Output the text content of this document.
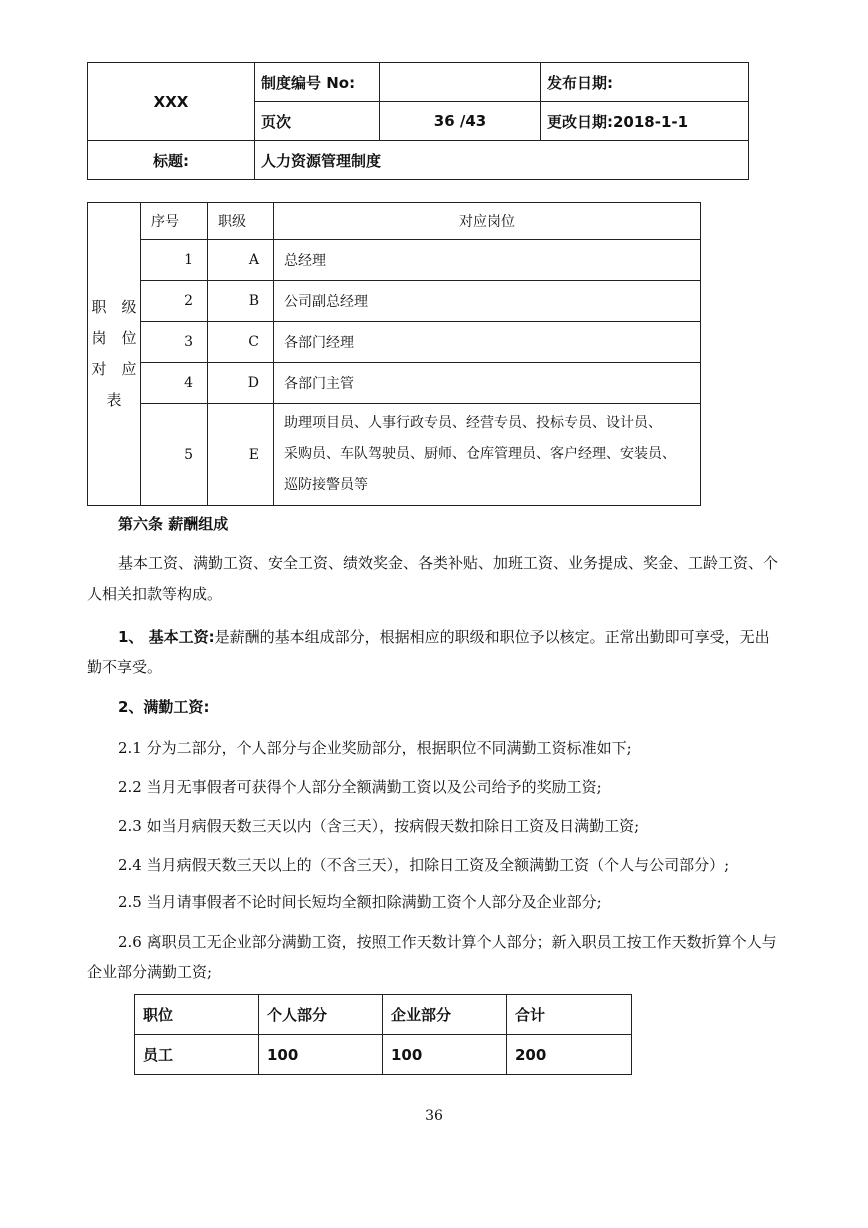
XXX	制度编号 No:		发布日期:
	页次	36 /43	更改日期:2018-1-1
标题:	人力资源管理制度		
职　级
岗　位
对　应
表	序号	职级	对应岗位
	1	A	总经理
	2	B	公司副总经理
	3	C	各部门经理
	4	D	各部门主管
	5	E	助理项目员、人事行政专员、经营专员、投标专员、设计员、
采购员、车队驾驶员、厨师、仓库管理员、客户经理、安装员、
巡防接警员等
第六条 薪酬组成
基本工资、满勤工资、安全工资、绩效奖金、各类补贴、加班工资、业务提成、奖金、工龄工资、个
人相关扣款等构成。
1、 基本工资:是薪酬的基本组成部分，根据相应的职级和职位予以核定。正常出勤即可享受，无出
勤不享受。
2、满勤工资:
2.1 分为二部分，个人部分与企业奖励部分，根据职位不同满勤工资标准如下;
2.2 当月无事假者可获得个人部分全额满勤工资以及公司给予的奖励工资;
2.3 如当月病假天数三天以内（含三天），按病假天数扣除日工资及日满勤工资;
2.4 当月病假天数三天以上的（不含三天），扣除日工资及全额满勤工资（个人与公司部分）;
2.5 当月请事假者不论时间长短均全额扣除满勤工资个人部分及企业部分;
2.6 离职员工无企业部分满勤工资，按照工作天数计算个人部分；新入职员工按工作天数折算个人与
企业部分满勤工资;
职位	个人部分	企业部分	合计
员工	100	100	200
36
